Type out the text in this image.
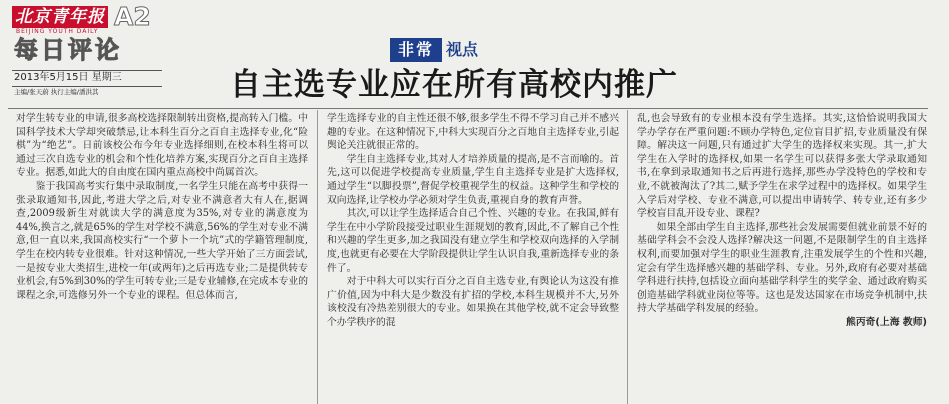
北京青年报
BEIJING YOUTH DAILY
A2
每日评论
2013年5月15日 星期三
主编/张天蔚 执行主编/潘洪其
非常 视点
自主选专业应在所有高校内推广

对学生转专业的申请,很多高校选择限制转出资格,提高转入门槛。中国科学技术大学却突破禁忌,让本科生百分之百自主选择专业,化“险棋”为“绝艺”。日前该校公布今年专业选择细则,在校本科生将可以通过三次自选专业的机会和个性化培养方案,实现百分之百自主选择专业。据悉,如此大的自由度在国内重点高校中尚属首次。

鉴于我国高考实行集中录取制度,一名学生只能在高考中获得一张录取通知书,因此,考进大学之后,对专业不满意者大有人在,据调查,2009级新生对就读大学的满意度为35%,对专业的满意度为44%,换言之,就是65%的学生对学校不满意,56%的学生对专业不满意,但一直以来,我国高校实行“一个萝卜一个坑”式的学籍管理制度,学生在校内转专业很难。针对这种情况,一些大学开始了三方面尝试,一是按专业大类招生,进校一年(或两年)之后再选专业;二是提供转专业机会,有5%到30%的学生可转专业;三是专业辅修,在完成本专业的课程之余,可选修另外一个专业的课程。但总体而言,

学生选择专业的自主性还很不够,很多学生不得不学习自己并不感兴趣的专业。在这种情况下,中科大实现百分之百地自主选择专业,引起舆论关注就很正常的。

学生自主选择专业,其对人才培养质量的提高,是不言而喻的。首先,这可以促进学校提高专业质量,学生自主选择专业是扩大选择权,通过学生“以脚投票”,督促学校重视学生的权益。这种学生和学校的双向选择,让学校办学必须对学生负责,重视自身的教育声誉。

其次,可以让学生选择适合自己个性、兴趣的专业。在我国,鲜有学生在中小学阶段接受过职业生涯规划的教育,因此,不了解自己个性和兴趣的学生更多,加之我国没有建立学生和学校双向选择的入学制度,也就更有必要在大学阶段提供让学生认识自我,重新选择专业的条件了。

对于中科大可以实行百分之百自主选专业,有舆论认为这没有推广价值,因为中科大是少数没有扩招的学校,本科生规模并不大,另外该校没有冷热差别很大的专业。如果换在其他学校,就不定会导致整个办学秩序的混

乱,也会导致有的专业根本没有学生选择。其实,这恰恰说明我国大学办学存在严重问题:不顾办学特色,定位盲目扩招,专业质量没有保障。解决这一问题,只有通过扩大学生的选择权来实现。其一,扩大学生在入学时的选择权,如果一名学生可以获得多张大学录取通知书,在拿到录取通知书之后再进行选择,那些办学没特色的学校和专业,不就被淘汰了?其二,赋予学生在求学过程中的选择权。如果学生入学后对学校、专业不满意,可以提出申请转学、转专业,还有多少学校盲目乱开设专业、课程?

如果全部由学生自主选择,那些社会发展需要但就业前景不好的基础学科会不会没人选择?解决这一问题,不是限制学生的自主选择权利,而要加强对学生的职业生涯教育,注重发展学生的个性和兴趣,定会有学生选择感兴趣的基础学科、专业。另外,政府有必要对基础学科进行扶持,包括设立面向基础学科学生的奖学金、通过政府购买创造基础学科就业岗位等等。这也是发达国家在市场竞争机制中,扶持大学基础学科发展的经验。

熊丙奇(上海 教师)
